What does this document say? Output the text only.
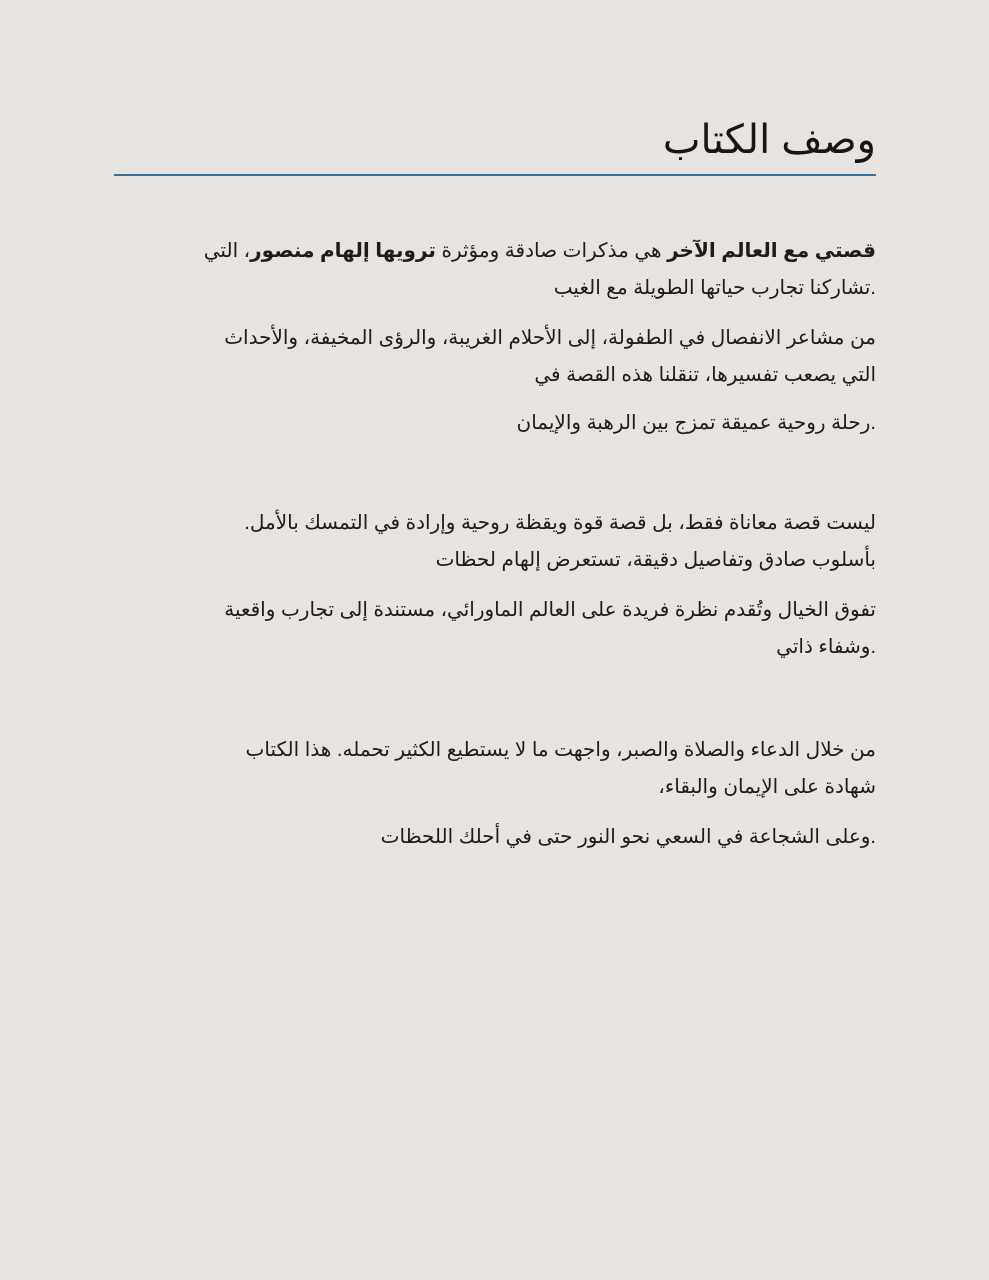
وصف الكتاب

قصتي مع العالم الآخر هي مذكرات صادقة ومؤثرة ترويها إلهام منصور، التي
.تشاركنا تجارب حياتها الطويلة مع الغيب

من مشاعر الانفصال في الطفولة، إلى الأحلام الغريبة، والرؤى المخيفة، والأحداث
التي يصعب تفسيرها، تنقلنا هذه القصة في

.رحلة روحية عميقة تمزج بين الرهبة والإيمان

ليست قصة معاناة فقط، بل قصة قوة ويقظة روحية وإرادة في التمسك بالأمل.
بأسلوب صادق وتفاصيل دقيقة، تستعرض إلهام لحظات

تفوق الخيال وتُقدم نظرة فريدة على العالم الماورائي، مستندة إلى تجارب واقعية
.وشفاء ذاتي

من خلال الدعاء والصلاة والصبر، واجهت ما لا يستطيع الكثير تحمله. هذا الكتاب
شهادة على الإيمان والبقاء،

.وعلى الشجاعة في السعي نحو النور حتى في أحلك اللحظات
